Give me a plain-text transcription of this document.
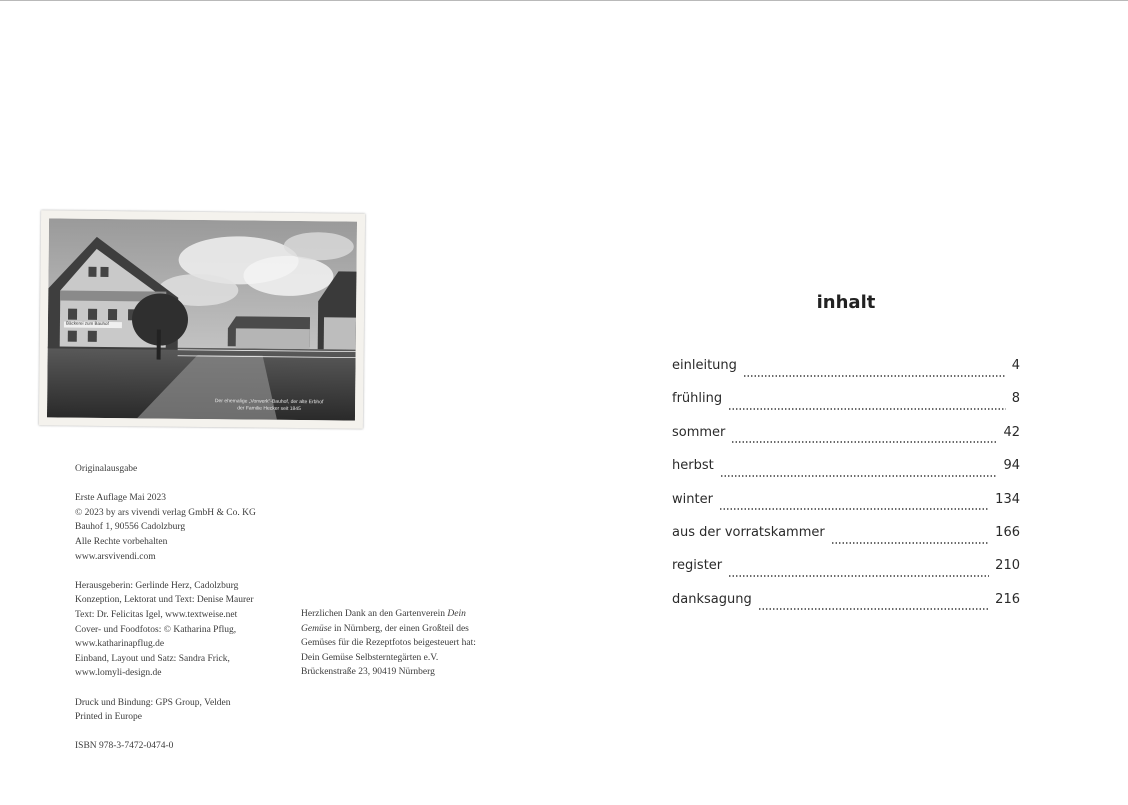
Der ehemalige „Vorwerk"-Bauhof, der alte Erbhof
der Familie Hecker seit 1845
Bäckerei zum Bauhof
Originalausgabe
Erste Auflage Mai 2023
© 2023 by ars vivendi verlag GmbH & Co. KG
Bauhof 1, 90556 Cadolzburg
Alle Rechte vorbehalten
www.arsvivendi.com
Herausgeberin: Gerlinde Herz, Cadolzburg
Konzeption, Lektorat und Text: Denise Maurer
Text: Dr. Felicitas Igel, www.textweise.net
Cover- und Foodfotos: © Katharina Pflug,
www.katharinapflug.de
Einband, Layout und Satz: Sandra Frick,
www.lomyli-design.de
Druck und Bindung: GPS Group, Velden
Printed in Europe
ISBN 978-3-7472-0474-0
Herzlichen Dank an den Gartenverein Dein
Gemüse in Nürnberg, der einen Großteil des
Gemüses für die Rezeptfotos beigesteuert hat:
Dein Gemüse Selbsterntegärten e.V.
Brückenstraße 23, 90419 Nürnberg
inhalt
einleitung	4
frühling	8
sommer	42
herbst	94
winter	134
aus der vorratskammer	166
register	210
danksagung	216
